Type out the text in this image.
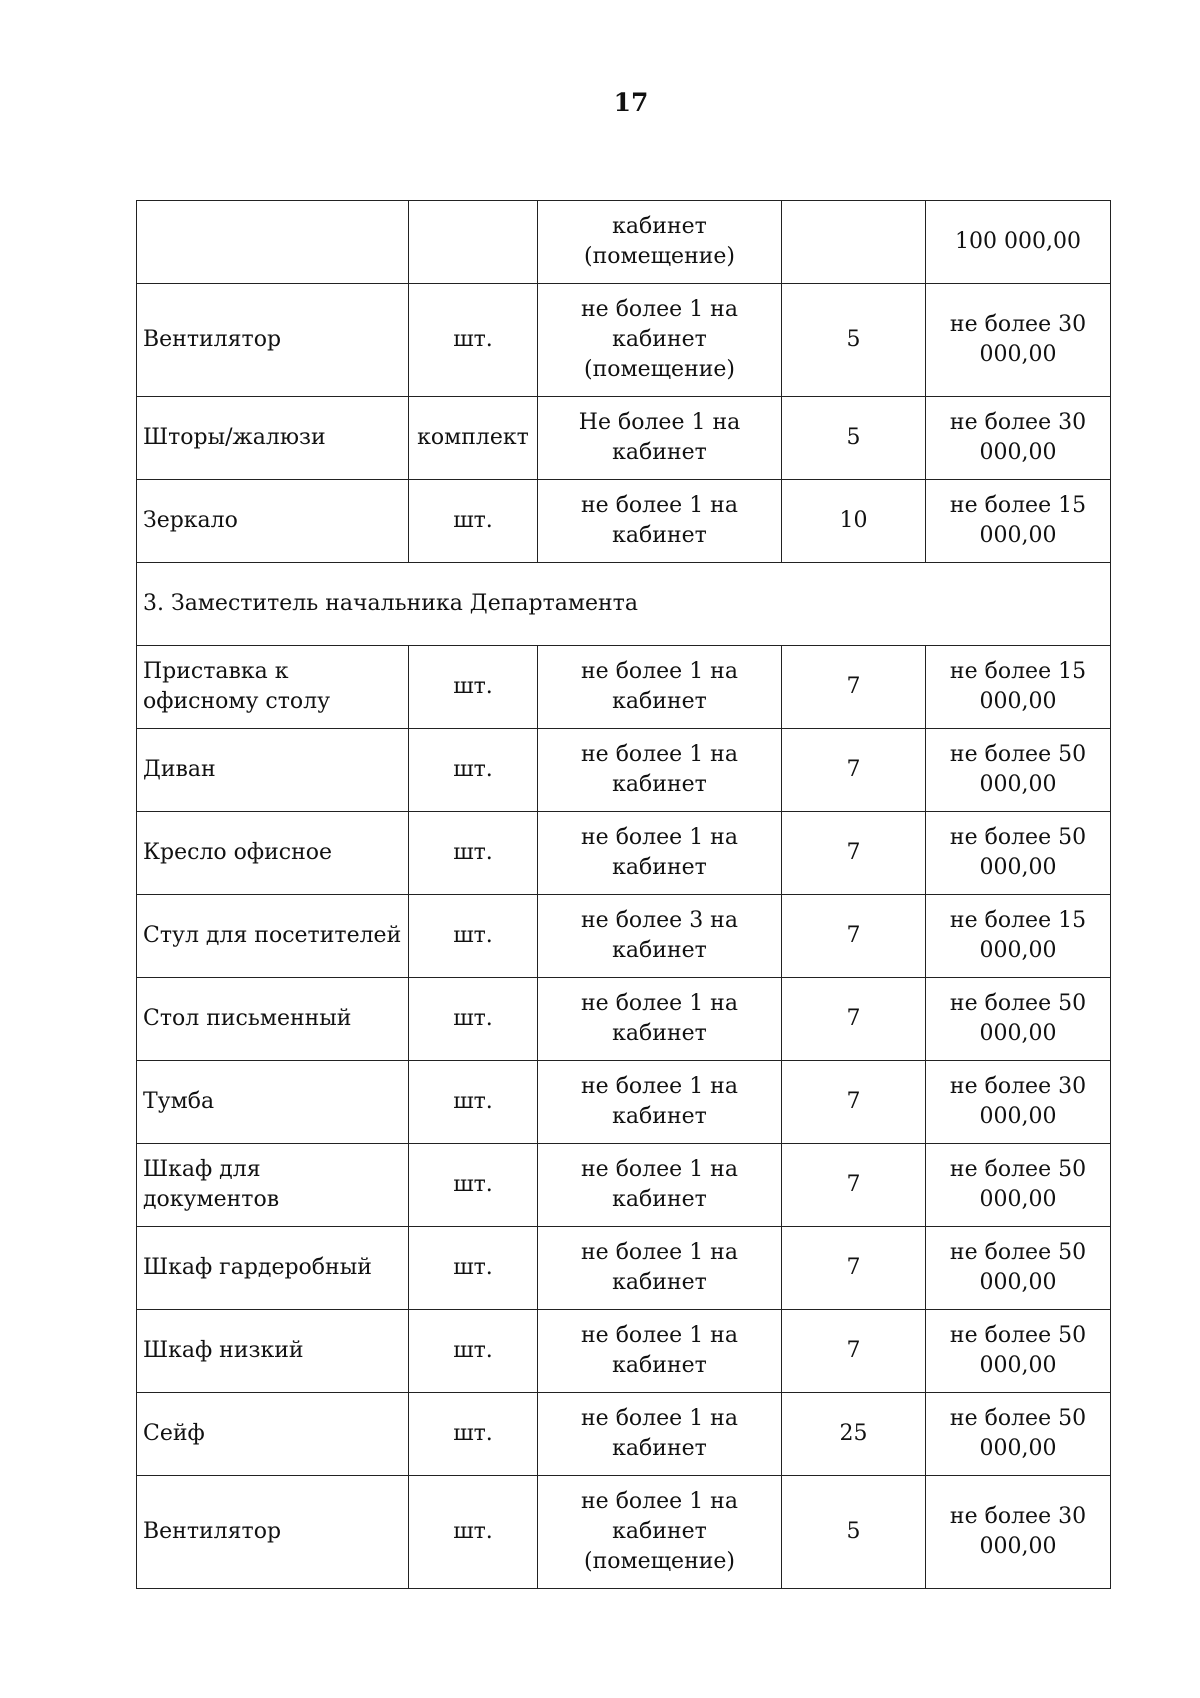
17
		кабинет (помещение)		100 000,00
Вентилятор	шт.	не более 1 на кабинет (помещение)	5	не более 30 000,00
Шторы/жалюзи	комплект	Не более 1 на кабинет	5	не более 30 000,00
Зеркало	шт.	не более 1 на кабинет	10	не более 15 000,00
3. Заместитель начальника Департамента				
Приставка к офисному столу	шт.	не более 1 на кабинет	7	не более 15 000,00
Диван	шт.	не более 1 на кабинет	7	не более 50 000,00
Кресло офисное	шт.	не более 1 на кабинет	7	не более 50 000,00
Стул для посетителей	шт.	не более 3 на кабинет	7	не более 15 000,00
Стол письменный	шт.	не более 1 на кабинет	7	не более 50 000,00
Тумба	шт.	не более 1 на кабинет	7	не более 30 000,00
Шкаф для документов	шт.	не более 1 на кабинет	7	не более 50 000,00
Шкаф гардеробный	шт.	не более 1 на кабинет	7	не более 50 000,00
Шкаф низкий	шт.	не более 1 на кабинет	7	не более 50 000,00
Сейф	шт.	не более 1 на кабинет	25	не более 50 000,00
Вентилятор	шт.	не более 1 на кабинет (помещение)	5	не более 30 000,00
